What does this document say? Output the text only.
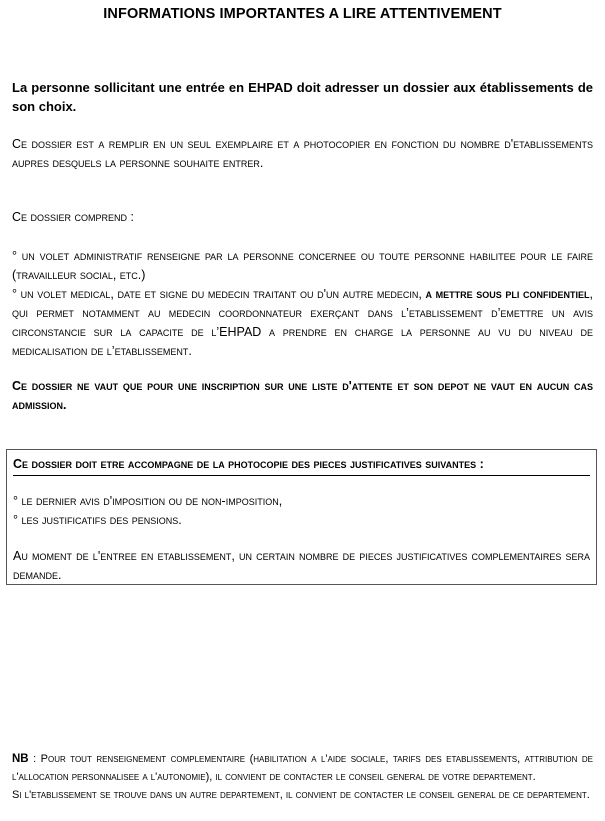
INFORMATIONS IMPORTANTES A LIRE ATTENTIVEMENT

La personne sollicitant une entrée en EHPAD doit adresser un dossier aux établissements de son choix.

Ce dossier est a remplir en un seul exemplaire et a photocopier en fonction du nombre d'etablissements aupres desquels la personne souhaite entrer.

Ce dossier comprend :

° un volet administratif renseigne par la personne concernee ou toute personne habilitee pour le faire (travailleur social, etc.)

° un volet medical, date et signe du medecin traitant ou d'un autre medecin, a mettre sous pli confidentiel, qui permet notamment au medecin coordonnateur exerçant dans l’etablissement d’emettre un avis circonstancie sur la capacite de l’EHPAD a prendre en charge la personne au vu du niveau de medicalisation de l’etablissement.

Ce dossier ne vaut que pour une inscription sur une liste d'attente et son depot ne vaut en aucun cas admission.

Ce dossier doit etre accompagne de la photocopie des pieces justificatives suivantes :

° le dernier avis d'imposition ou de non-imposition,

° les justificatifs des pensions.

Au moment de l'entree en etablissement, un certain nombre de pieces justificatives complementaires sera demande.

NB : Pour tout renseignement complementaire (habilitation a l'aide sociale, tarifs des etablissements, attribution de l'allocation personnalisee a l'autonomie), il convient de contacter le conseil general de votre departement.

Si l'etablissement se trouve dans un autre departement, il convient de contacter le conseil general de ce departement.
